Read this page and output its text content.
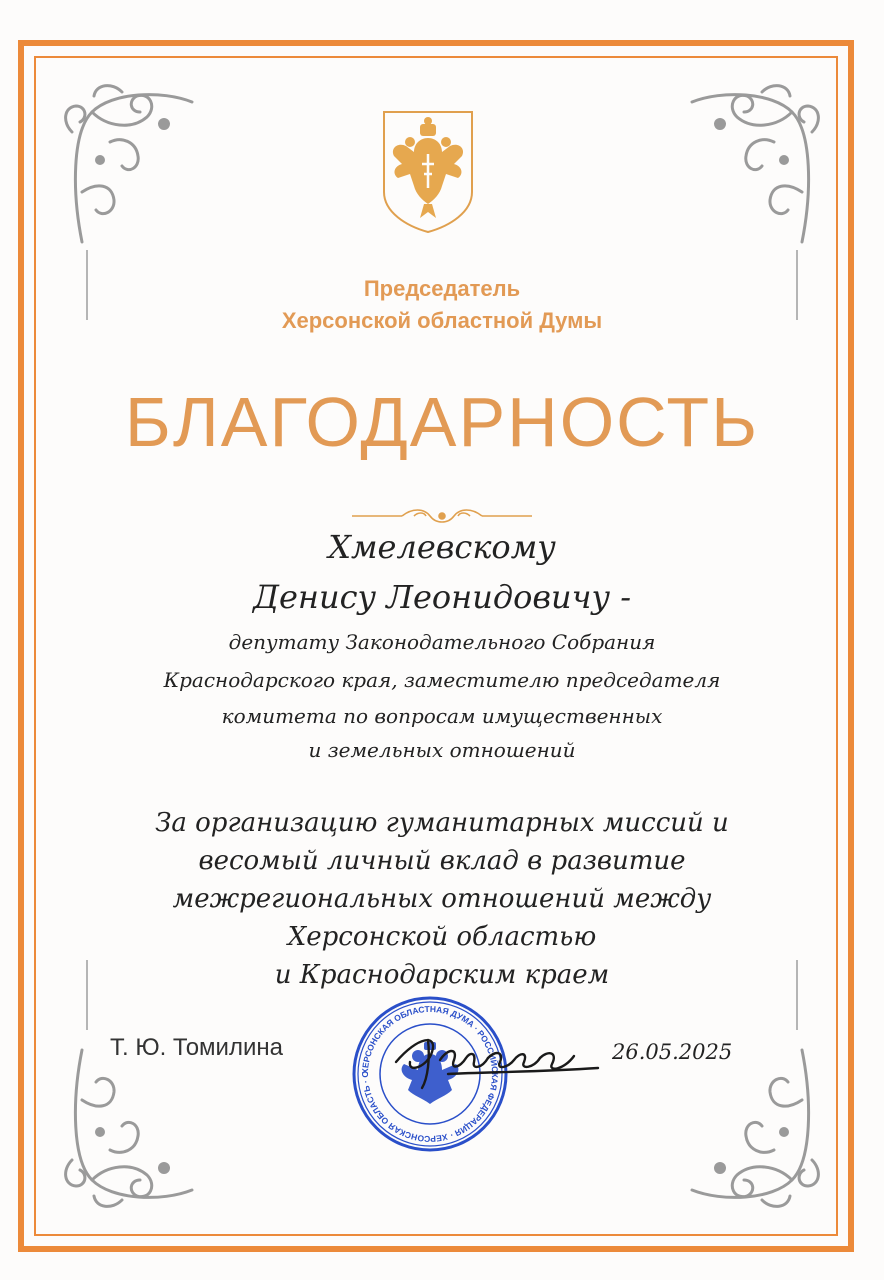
Председатель
Херсонской областной Думы
БЛАГОДАРНОСТЬ
Хмелевскому
Денису Леонидовичу -
депутату Законодательного Собрания
Краснодарского края, заместителю председателя
комитета по вопросам имущественных
и земельных отношений
За организацию гуманитарных миссий и
весомый личный вклад в развитие
межрегиональных отношений между
Херсонской областью
и Краснодарским краем
Т. Ю. Томилина
ХЕРСОНСКАЯ ОБЛАСТНАЯ ДУМА · РОССИЙСКАЯ ФЕДЕРАЦИЯ · ХЕРСОНСКАЯ ОБЛАСТЬ · О
26.05.2025
